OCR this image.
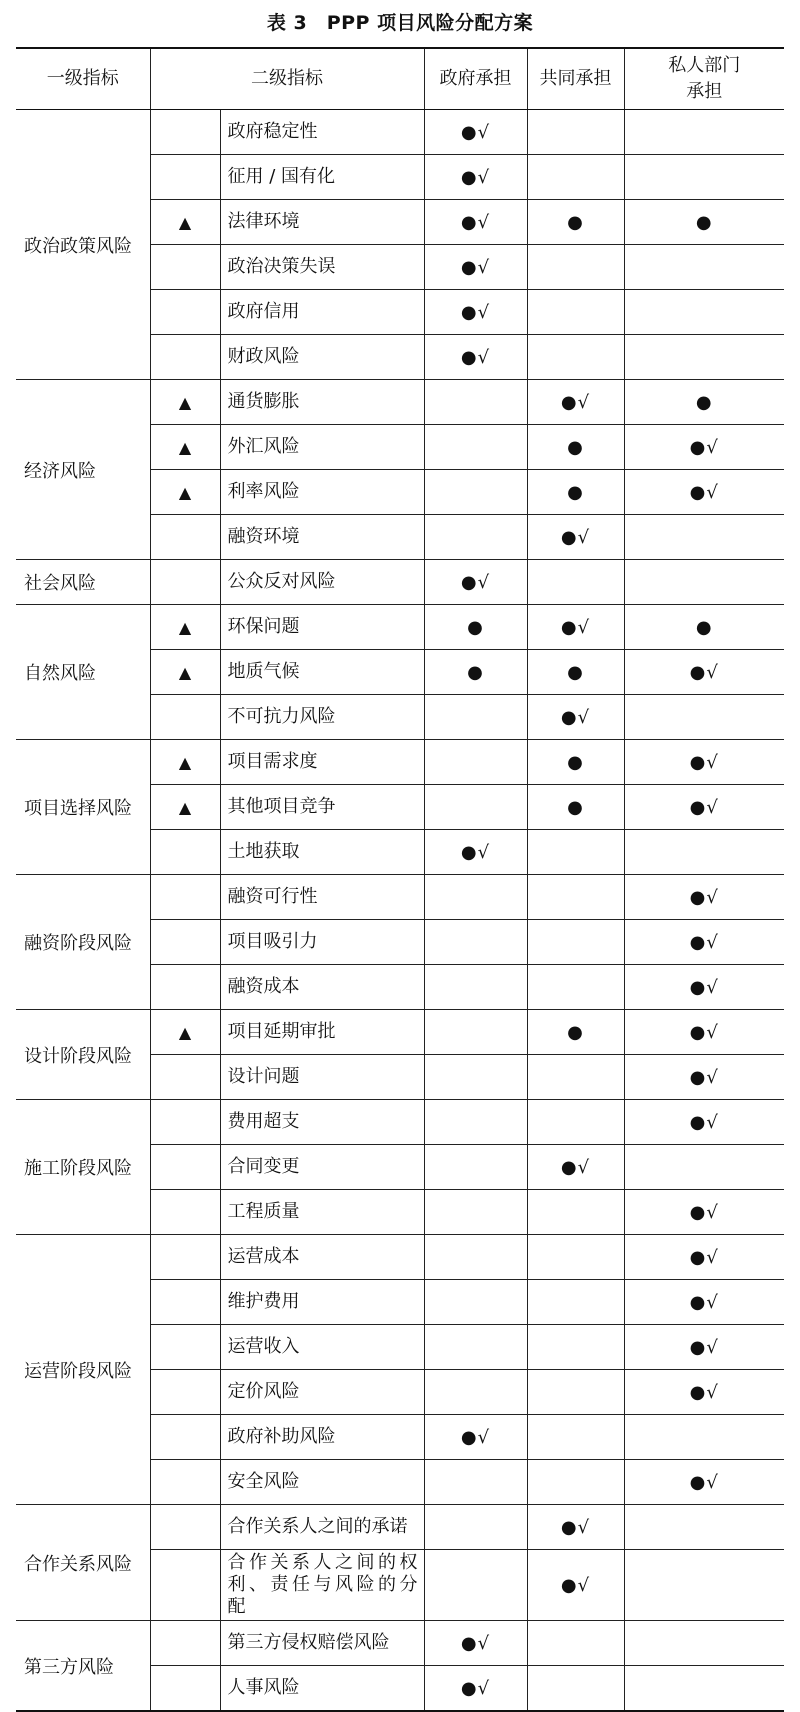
表 3　PPP 项目风险分配方案
一级指标	二级指标		政府承担	共同承担	私人部门
承担
政治政策风险		政府稳定性	●√		
		征用 / 国有化	●√		
	▲	法律环境	●√	●	●
		政治决策失误	●√		
		政府信用	●√		
		财政风险	●√		
经济风险	▲	通货膨胀		●√	●
	▲	外汇风险		●	●√
	▲	利率风险		●	●√
		融资环境		●√	
社会风险		公众反对风险	●√		
自然风险	▲	环保问题	●	●√	●
	▲	地质气候	●	●	●√
		不可抗力风险		●√	
项目选择风险	▲	项目需求度		●	●√
	▲	其他项目竞争		●	●√
		土地获取	●√		
融资阶段风险		融资可行性			●√
		项目吸引力			●√
		融资成本			●√
设计阶段风险	▲	项目延期审批		●	●√
		设计问题			●√
施工阶段风险		费用超支			●√
		合同变更		●√	
		工程质量			●√
运营阶段风险		运营成本			●√
		维护费用			●√
		运营收入			●√
		定价风险			●√
		政府补助风险	●√		
		安全风险			●√
合作关系风险		合作关系人之间的承诺		●√	
		合作关系人之间的权利、责任与风险的分配		●√	
第三方风险		第三方侵权赔偿风险	●√		
		人事风险	●√		
